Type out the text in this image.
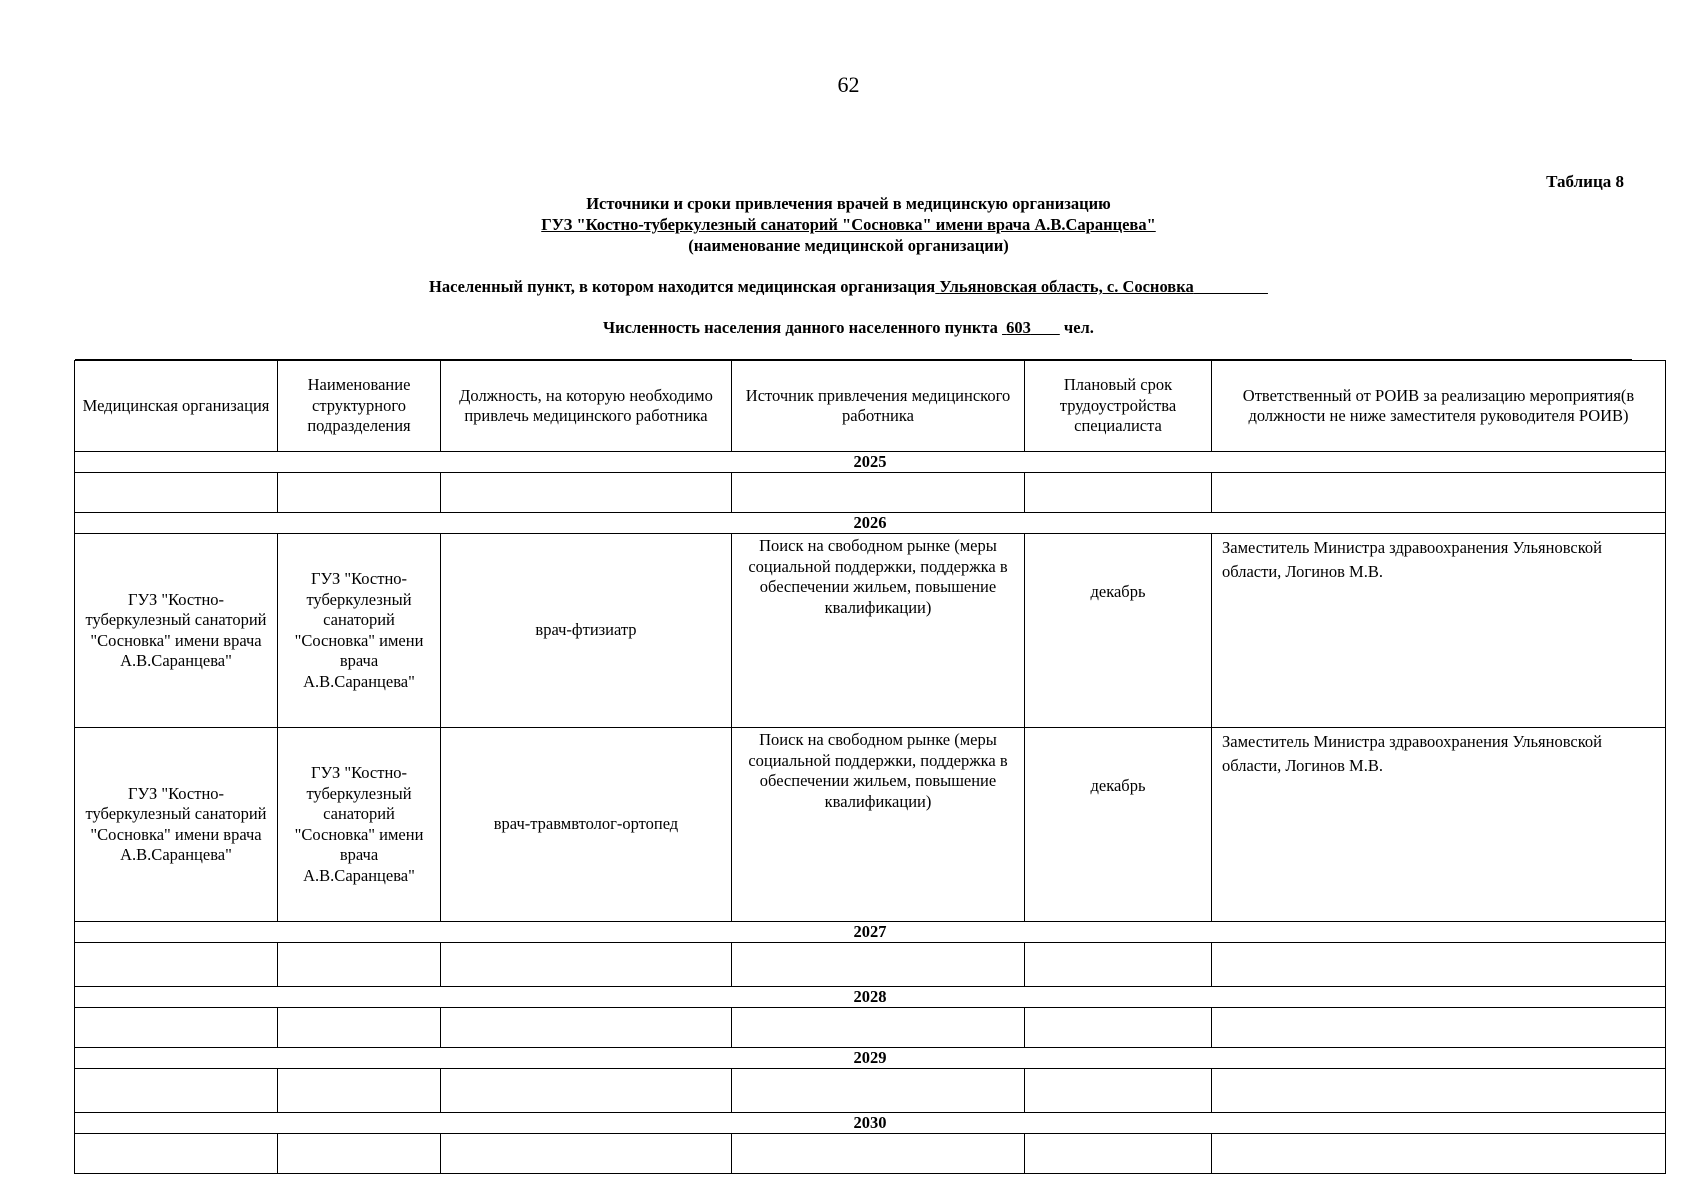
62
Таблица 8
Источники и сроки привлечения врачей в медицинскую организацию
ГУЗ "Костно-туберкулезный санаторий "Сосновка" имени врача А.В.Саранцева"
(наименование медицинской организации)
Населенный пункт, в котором находится медицинская организация Ульяновская область, с. Сосновка
Численность населения данного населенного пункта 603 чел.
Медицинская организация	Наименование структурного подразделения	Должность, на которую необходимо привлечь медицинского работника	Источник привлечения медицинского работника	Плановый срок трудоустройства специалиста	Ответственный от РОИВ за реализацию мероприятия(в должности не ниже заместителя руководителя РОИВ)
2025					

2026					
ГУЗ "Костно-туберкулезный санаторий "Сосновка" имени врача А.В.Саранцева"	ГУЗ "Костно-туберкулезный санаторий "Сосновка" имени врача А.В.Саранцева"	врач-фтизиатр	Поиск на свободном рынке (меры социальной поддержки, поддержка в обеспечении жильем, повышение квалификации)	декабрь	Заместитель Министра здравоохранения Ульяновской области, Логинов М.В.
ГУЗ "Костно-туберкулезный санаторий "Сосновка" имени врача А.В.Саранцева"	ГУЗ "Костно-туберкулезный санаторий "Сосновка" имени врача А.В.Саранцева"	врач-травмвтолог-ортопед	Поиск на свободном рынке (меры социальной поддержки, поддержка в обеспечении жильем, повышение квалификации)	декабрь	Заместитель Министра здравоохранения Ульяновской области, Логинов М.В.
2027					

2028					

2029					

2030					
